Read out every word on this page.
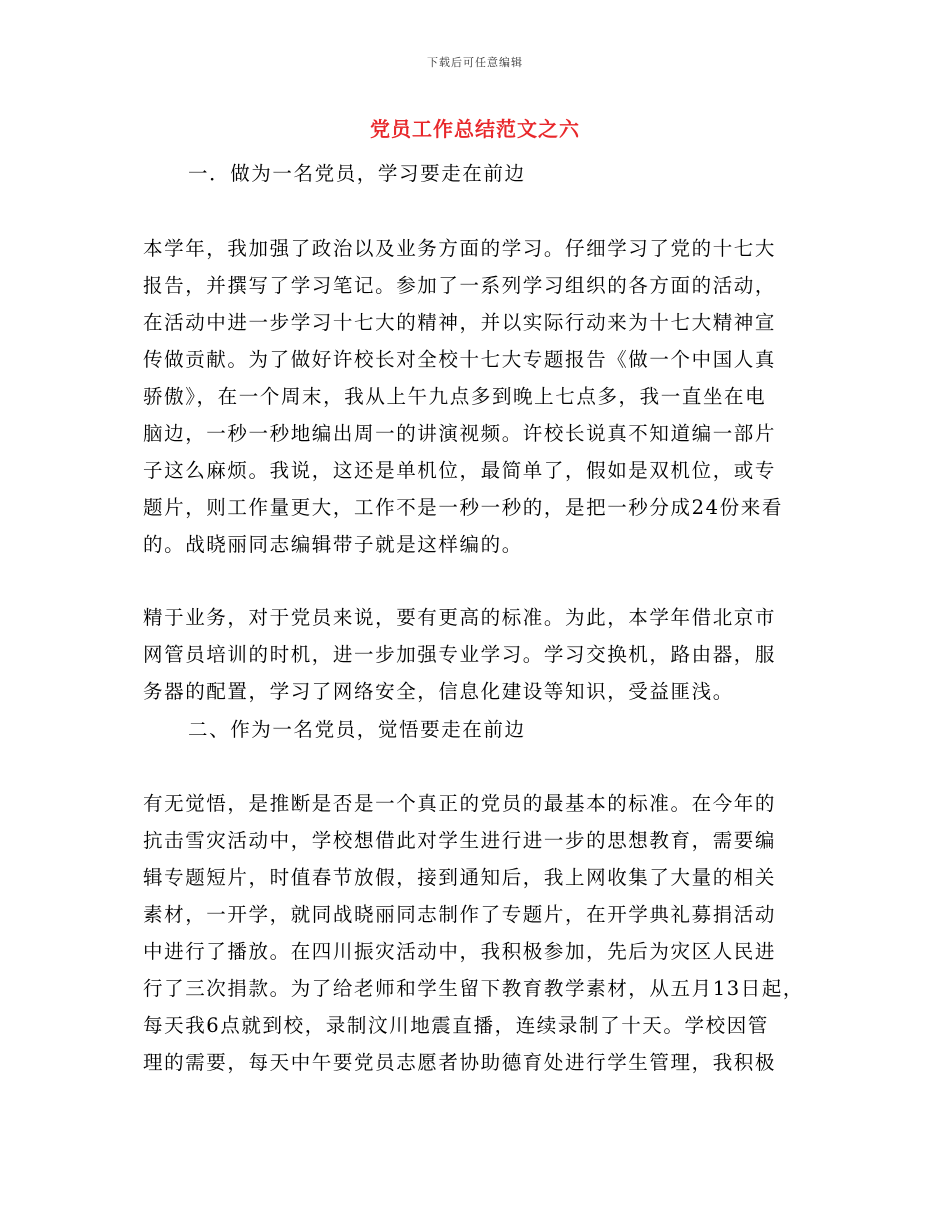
下载后可任意编辑
党员工作总结范文之六
一．做为一名党员，学习要走在前边
本学年，我加强了政治以及业务方面的学习。仔细学习了党的十七大
报告，并撰写了学习笔记。参加了一系列学习组织的各方面的活动，
在活动中进一步学习十七大的精神，并以实际行动来为十七大精神宣
传做贡献。为了做好许校长对全校十七大专题报告《做一个中国人真
骄傲》，在一个周末，我从上午九点多到晚上七点多，我一直坐在电
脑边，一秒一秒地编出周一的讲演视频。许校长说真不知道编一部片
子这么麻烦。我说，这还是单机位，最简单了，假如是双机位，或专
题片，则工作量更大，工作不是一秒一秒的，是把一秒分成24份来看
的。战晓丽同志编辑带子就是这样编的。
精于业务，对于党员来说，要有更高的标准。为此，本学年借北京市
网管员培训的时机，进一步加强专业学习。学习交换机，路由器，服
务器的配置，学习了网络安全，信息化建设等知识，受益匪浅。
二、作为一名党员，觉悟要走在前边
有无觉悟，是推断是否是一个真正的党员的最基本的标准。在今年的
抗击雪灾活动中，学校想借此对学生进行进一步的思想教育，需要编
辑专题短片，时值春节放假，接到通知后，我上网收集了大量的相关
素材，一开学，就同战晓丽同志制作了专题片，在开学典礼募捐活动
中进行了播放。在四川振灾活动中，我积极参加，先后为灾区人民进
行了三次捐款。为了给老师和学生留下教育教学素材，从五月13日起，
每天我6点就到校，录制汶川地震直播，连续录制了十天。学校因管
理的需要，每天中午要党员志愿者协助德育处进行学生管理，我积极
